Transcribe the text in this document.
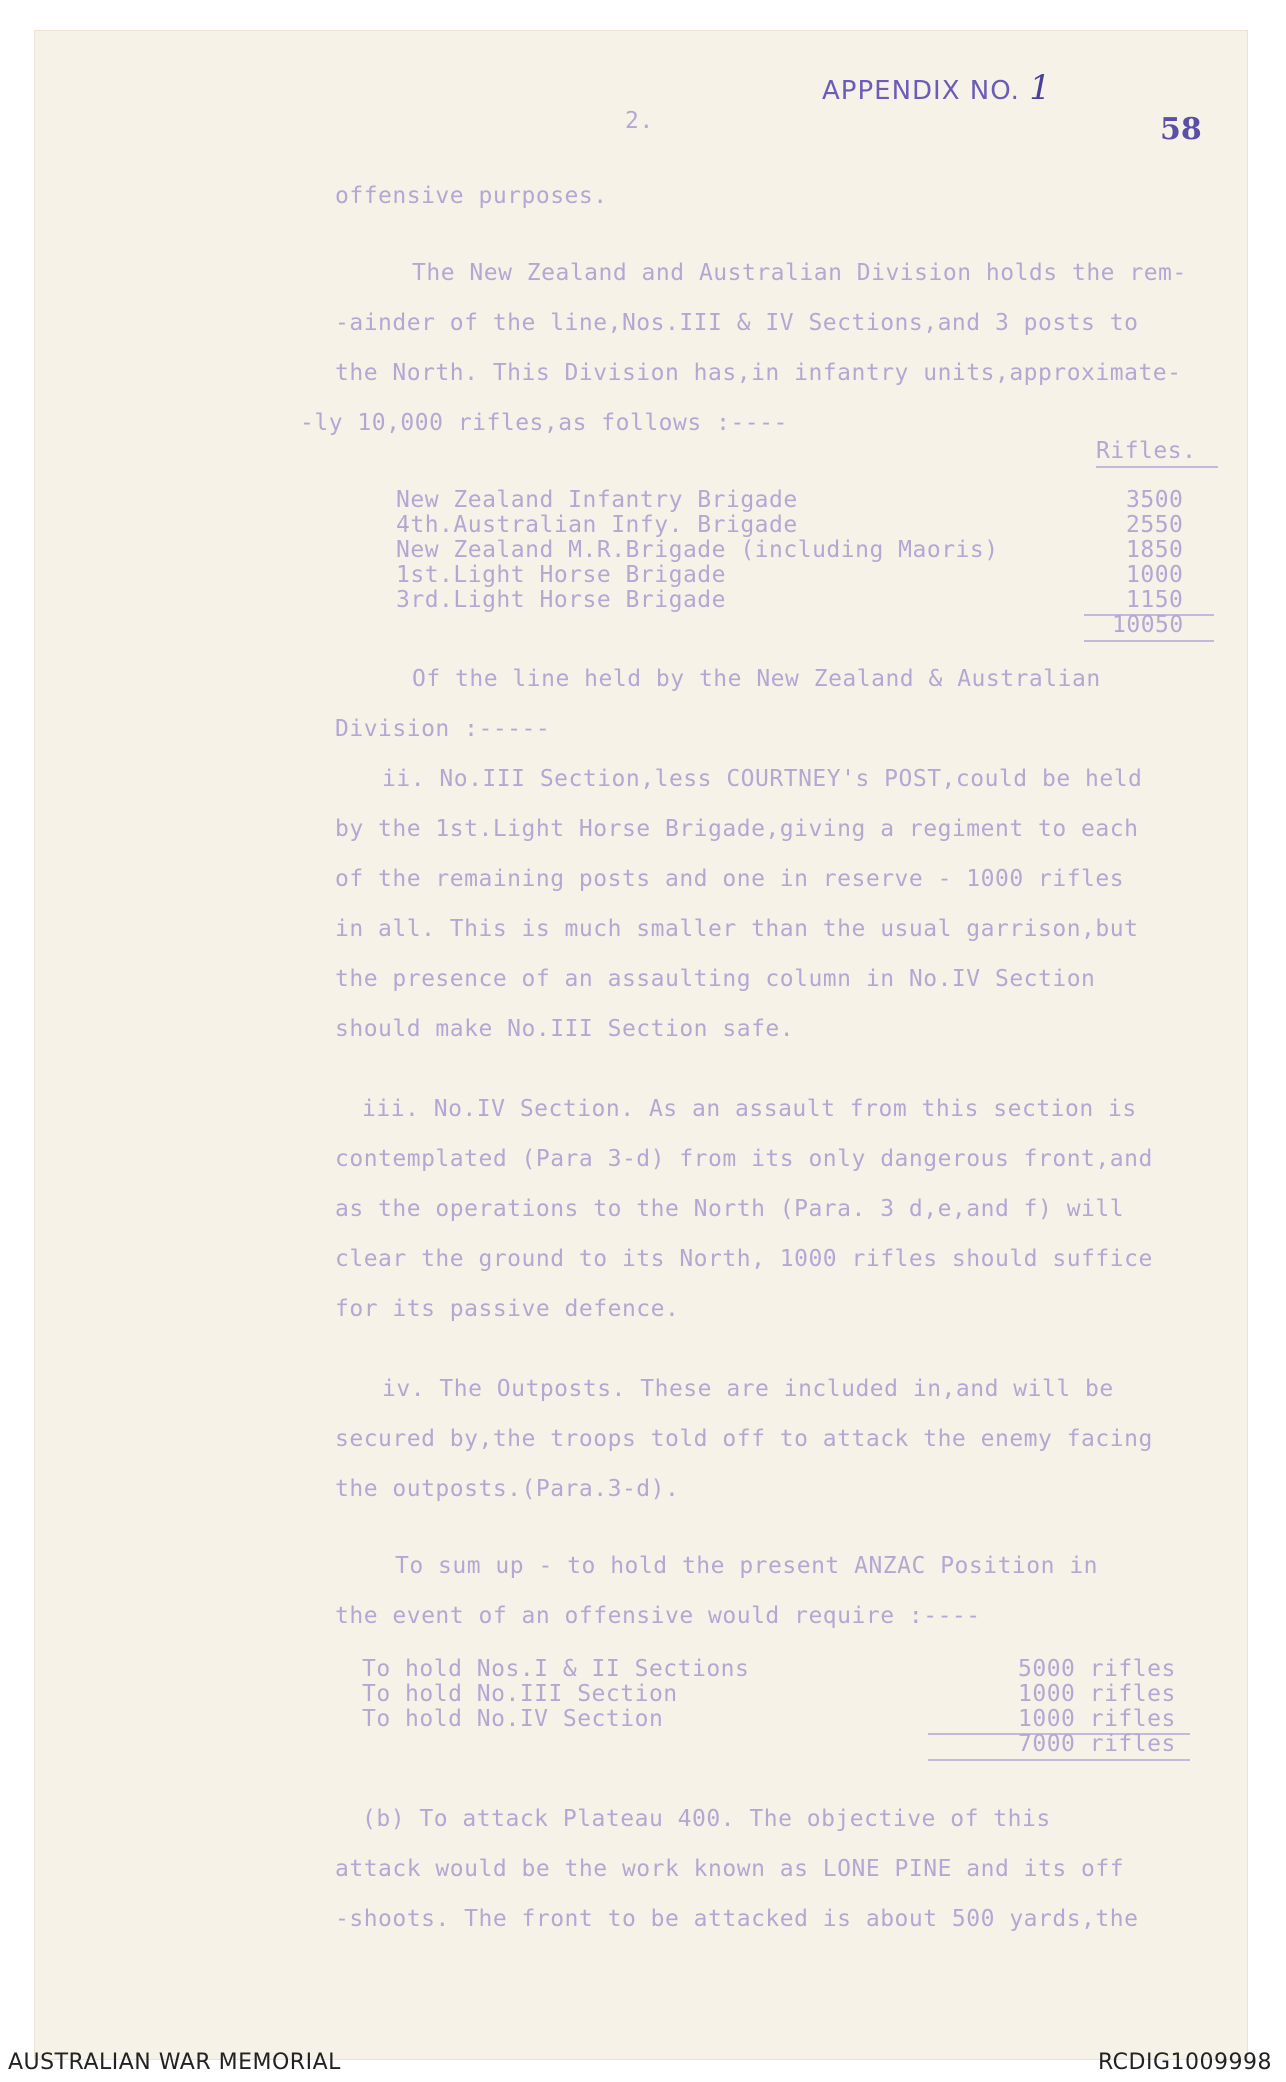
APPENDIX NO. 1
58
2.
offensive purposes.
The New Zealand and Australian Division holds the rem-
-ainder of the line,Nos.III & IV Sections,and 3 posts to
the North. This Division has,in infantry units,approximate-
-ly 10,000 rifles,as follows :----
Rifles.
New Zealand Infantry Brigade	3500
4th.Australian Infy. Brigade	2550
New Zealand M.R.Brigade (including Maoris)	1850
1st.Light Horse Brigade	1000
3rd.Light Horse Brigade	1150
10050
Of the line held by the New Zealand & Australian
Division :-----
ii. No.III Section,less COURTNEY's POST,could be held
by the 1st.Light Horse Brigade,giving a regiment to each
of the remaining posts and one in reserve - 1000 rifles
in all. This is much smaller than the usual garrison,but
the presence of an assaulting column in No.IV Section
should make No.III Section safe.
iii. No.IV Section. As an assault from this section is
contemplated (Para 3-d) from its only dangerous front,and
as the operations to the North (Para. 3 d,e,and f) will
clear the ground to its North, 1000 rifles should suffice
for its passive defence.
iv. The Outposts. These are included in,and will be
secured by,the troops told off to attack the enemy facing
the outposts.(Para.3-d).
To sum up - to hold the present ANZAC Position in
the event of an offensive would require :----
To hold Nos.I & II Sections	5000 rifles
To hold No.III Section	1000 rifles
To hold No.IV Section	1000 rifles
7000 rifles
(b) To attack Plateau 400. The objective of this
attack would be the work known as LONE PINE and its off
-shoots. The front to be attacked is about 500 yards,the
AUSTRALIAN WAR MEMORIAL	RCDIG1009998
